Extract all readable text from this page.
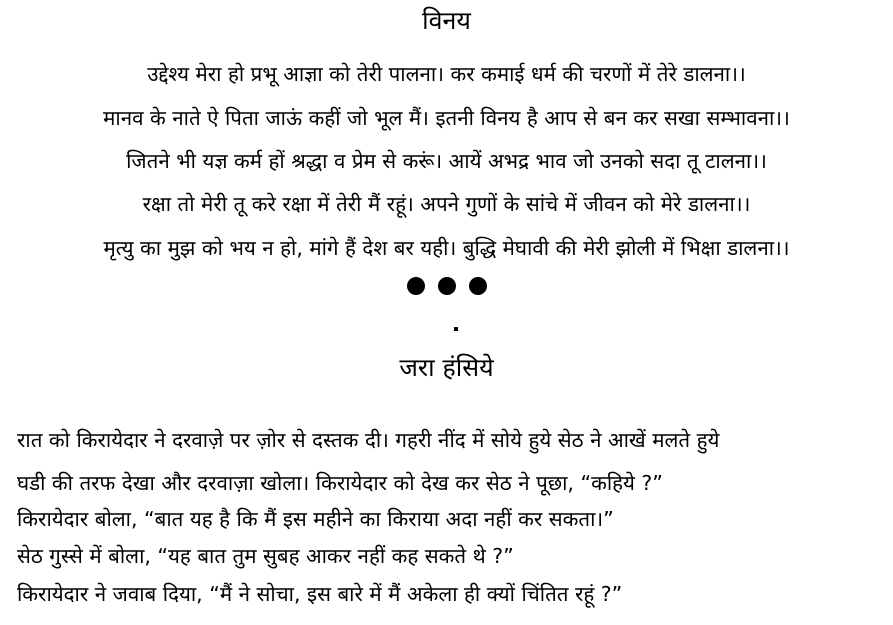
विनय
उद्देश्य मेरा हो प्रभू आज्ञा को तेरी पालना। कर कमाई धर्म की चरणों में तेरे डालना।।
मानव के नाते ऐ पिता जाऊं कहीं जो भूल मैं। इतनी विनय है आप से बन कर सखा सम्भावना।।
जितने भी यज्ञ कर्म हों श्रद्धा व प्रेम से करूं। आयें अभद्र भाव जो उनको सदा तू टालना।।
रक्षा तो मेरी तू करे रक्षा में तेरी मैं रहूं। अपने गुणों के सांचे में जीवन को मेरे डालना।।
मृत्यु का मुझ को भय न हो, मांगे हैं देश बर यही। बुद्धि मेघावी की मेरी झोली में भिक्षा डालना।।
जरा हंसिये
रात को किरायेदार ने दरवाज़े पर ज़ोर से दस्तक दी। गहरी नींद में सोये हुये सेठ ने आखें मलते हुये
घडी की तरफ देखा और दरवाज़ा खोला। किरायेदार को देख कर सेठ ने पूछा, “कहिये ?”
किरायेदार बोला, “बात यह है कि मैं इस महीने का किराया अदा नहीं कर सकता।”
सेठ गुस्से में बोला, “यह बात तुम सुबह आकर नहीं कह सकते थे ?”
किरायेदार ने जवाब दिया, “मैं ने सोचा, इस बारे में मैं अकेला ही क्यों चिंतित रहूं ?”
